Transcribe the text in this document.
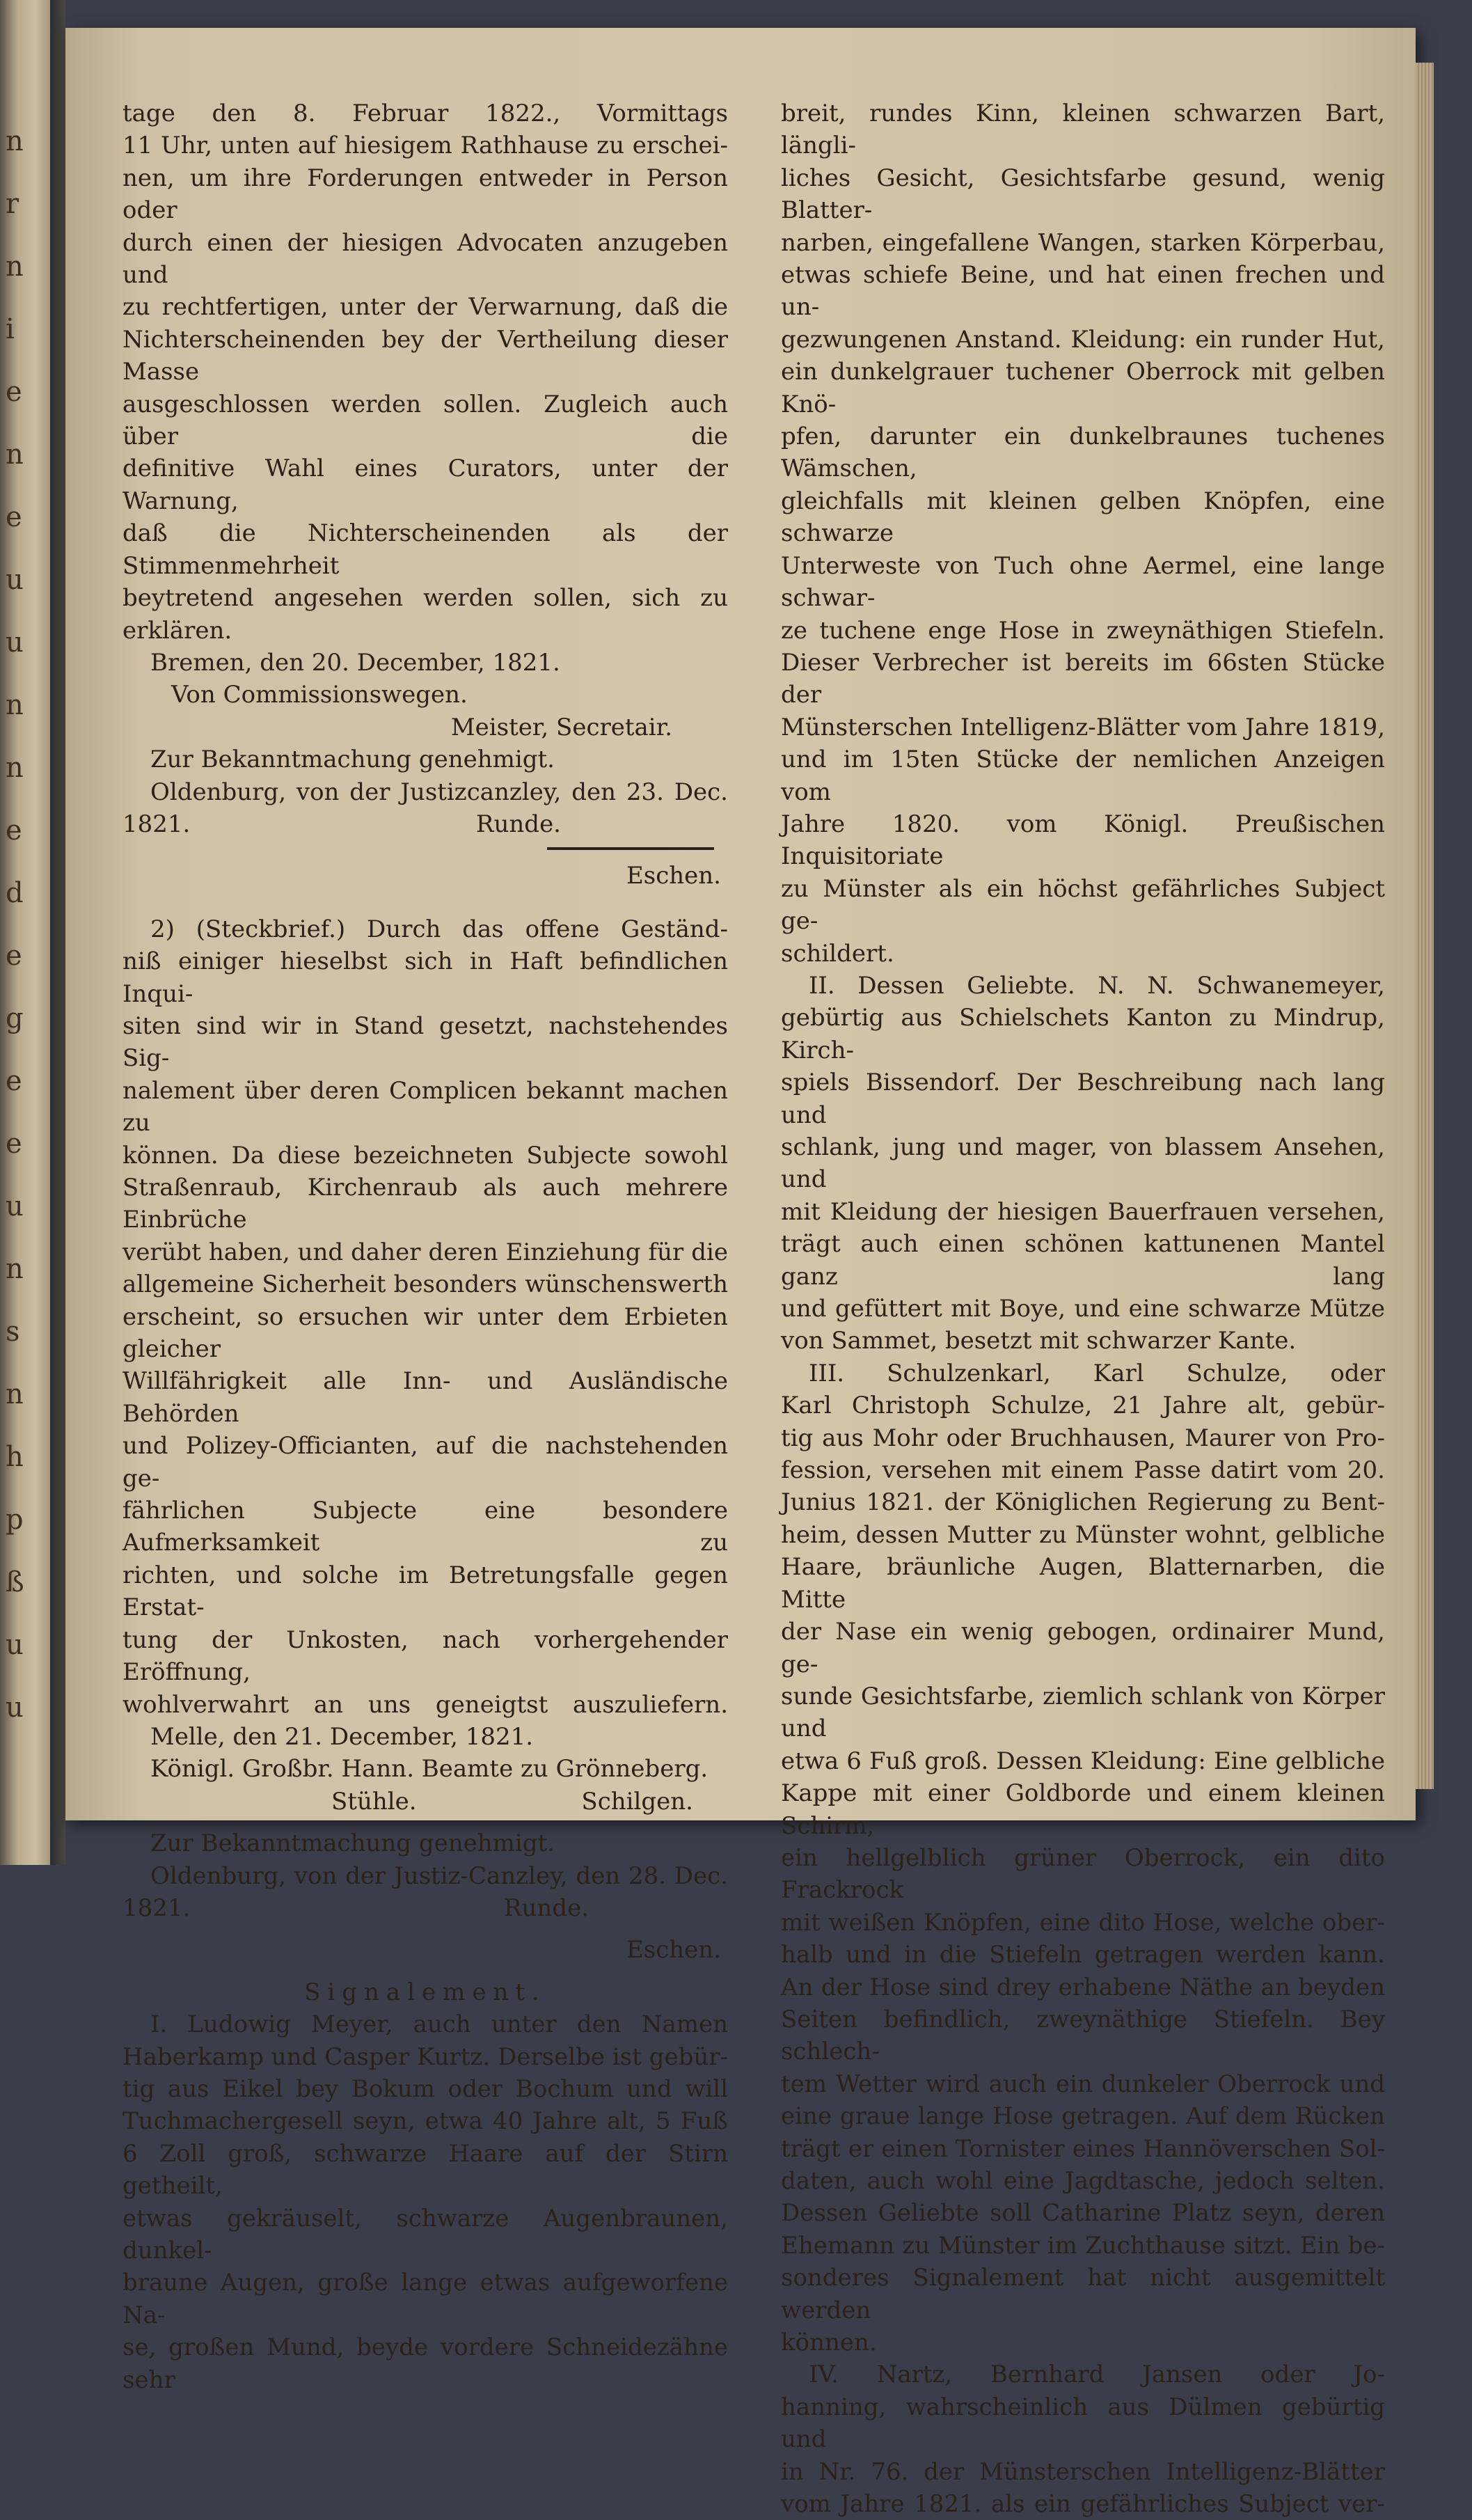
n
r
n
i
e
n
e
u
u
n
n
e
d
e
g
e
e
u
n
s
n
h
p
ß
u
u

tage den 8. Februar 1822., Vormittags

11 Uhr, unten auf hiesigem Rathhause zu erschei-

nen, um ihre Forderungen entweder in Person oder

durch einen der hiesigen Advocaten anzugeben und

zu rechtfertigen, unter der Verwarnung, daß die

Nichterscheinenden bey der Vertheilung dieser Masse

ausgeschlossen werden sollen. Zugleich auch über die

definitive Wahl eines Curators, unter der Warnung,

daß die Nichterscheinenden als der Stimmenmehrheit

beytretend angesehen werden sollen, sich zu erklären.

Bremen, den 20. December, 1821.

Von Commissionswegen.

Meister, Secretair.

Zur Bekanntmachung genehmigt.

Oldenburg, von der Justizcanzley, den 23. Dec.

1821.	Runde.

Eschen.

2) (Steckbrief.) Durch das offene Geständ-

niß einiger hieselbst sich in Haft befindlichen Inqui-

siten sind wir in Stand gesetzt, nachstehendes Sig-

nalement über deren Complicen bekannt machen zu

können. Da diese bezeichneten Subjecte sowohl

Straßenraub, Kirchenraub als auch mehrere Einbrüche

verübt haben, und daher deren Einziehung für die

allgemeine Sicherheit besonders wünschenswerth

erscheint, so ersuchen wir unter dem Erbieten gleicher

Willfährigkeit alle Inn- und Ausländische Behörden

und Polizey-Officianten, auf die nachstehenden ge-

fährlichen Subjecte eine besondere Aufmerksamkeit zu

richten, und solche im Betretungsfalle gegen Erstat-

tung der Unkosten, nach vorhergehender Eröffnung,

wohlverwahrt an uns geneigtst auszuliefern.

Melle, den 21. December, 1821.

Königl. Großbr. Hann. Beamte zu Grönneberg.

Stühle.	Schilgen.

Zur Bekanntmachung genehmigt.

Oldenburg, von der Justiz-Canzley, den 28. Dec.

1821.	Runde.

Eschen.

Signalement.

I. Ludowig Meyer, auch unter den Namen

Haberkamp und Casper Kurtz. Derselbe ist gebür-

tig aus Eikel bey Bokum oder Bochum und will

Tuchmachergesell seyn, etwa 40 Jahre alt, 5 Fuß

6 Zoll groß, schwarze Haare auf der Stirn getheilt,

etwas gekräuselt, schwarze Augenbraunen, dunkel-

braune Augen, große lange etwas aufgeworfene Na-

se, großen Mund, beyde vordere Schneidezähne sehr

breit, rundes Kinn, kleinen schwarzen Bart, längli-

liches Gesicht, Gesichtsfarbe gesund, wenig Blatter-

narben, eingefallene Wangen, starken Körperbau,

etwas schiefe Beine, und hat einen frechen und un-

gezwungenen Anstand. Kleidung: ein runder Hut,

ein dunkelgrauer tuchener Oberrock mit gelben Knö-

pfen, darunter ein dunkelbraunes tuchenes Wämschen,

gleichfalls mit kleinen gelben Knöpfen, eine schwarze

Unterweste von Tuch ohne Aermel, eine lange schwar-

ze tuchene enge Hose in zweynäthigen Stiefeln.

Dieser Verbrecher ist bereits im 66sten Stücke der

Münsterschen Intelligenz-Blätter vom Jahre 1819,

und im 15ten Stücke der nemlichen Anzeigen vom

Jahre 1820. vom Königl. Preußischen Inquisitoriate

zu Münster als ein höchst gefährliches Subject ge-

schildert.

II. Dessen Geliebte. N. N. Schwanemeyer,

gebürtig aus Schielschets Kanton zu Mindrup, Kirch-

spiels Bissendorf. Der Beschreibung nach lang und

schlank, jung und mager, von blassem Ansehen, und

mit Kleidung der hiesigen Bauerfrauen versehen,

trägt auch einen schönen kattunenen Mantel ganz lang

und gefüttert mit Boye, und eine schwarze Mütze

von Sammet, besetzt mit schwarzer Kante.

III. Schulzenkarl, Karl Schulze, oder

Karl Christoph Schulze, 21 Jahre alt, gebür-

tig aus Mohr oder Bruchhausen, Maurer von Pro-

fession, versehen mit einem Passe datirt vom 20.

Junius 1821. der Königlichen Regierung zu Bent-

heim, dessen Mutter zu Münster wohnt, gelbliche

Haare, bräunliche Augen, Blatternarben, die Mitte

der Nase ein wenig gebogen, ordinairer Mund, ge-

sunde Gesichtsfarbe, ziemlich schlank von Körper und

etwa 6 Fuß groß. Dessen Kleidung: Eine gelbliche

Kappe mit einer Goldborde und einem kleinen Schirm,

ein hellgelblich grüner Oberrock, ein dito Frackrock

mit weißen Knöpfen, eine dito Hose, welche ober-

halb und in die Stiefeln getragen werden kann.

An der Hose sind drey erhabene Näthe an beyden

Seiten befindlich, zweynäthige Stiefeln. Bey schlech-

tem Wetter wird auch ein dunkeler Oberrock und

eine graue lange Hose getragen. Auf dem Rücken

trägt er einen Tornister eines Hannöverschen Sol-

daten, auch wohl eine Jagdtasche, jedoch selten.

Dessen Geliebte soll Catharine Platz seyn, deren

Ehemann zu Münster im Zuchthause sitzt. Ein be-

sonderes Signalement hat nicht ausgemittelt werden

können.

IV. Nartz, Bernhard Jansen oder Jo-

hanning, wahrscheinlich aus Dülmen gebürtig und

in Nr. 76. der Münsterschen Intelligenz-Blätter

vom Jahre 1821. als ein gefährliches Subject ver-
